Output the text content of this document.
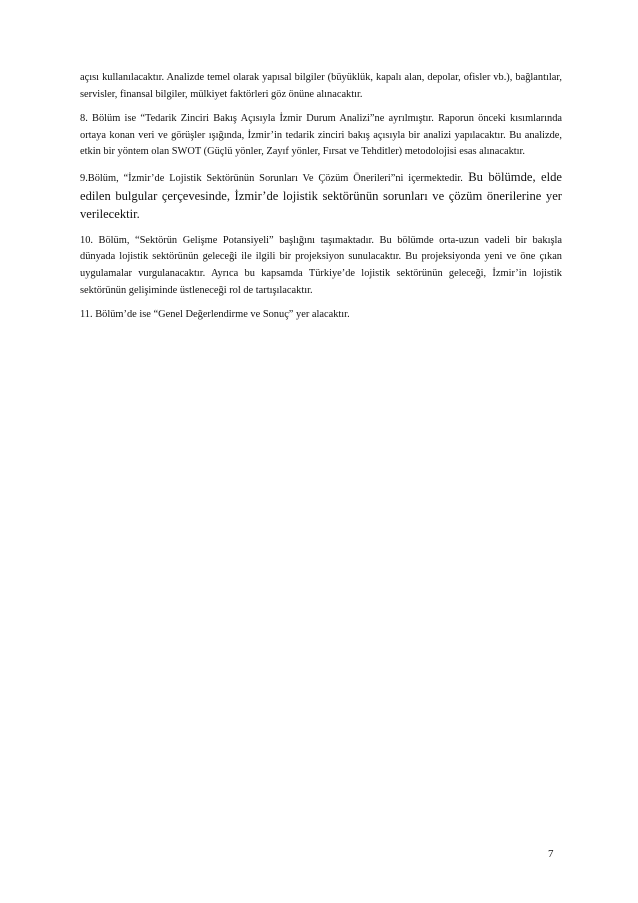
açısı kullanılacaktır. Analizde temel olarak yapısal bilgiler (büyüklük, kapalı alan, depolar, ofisler vb.), bağlantılar, servisler, finansal bilgiler, mülkiyet faktörleri göz önüne alınacaktır.

8. Bölüm ise “Tedarik Zinciri Bakış Açısıyla İzmir Durum Analizi”ne ayrılmıştır. Raporun önceki kısımlarında ortaya konan veri ve görüşler ışığında, İzmir’in tedarik zinciri bakış açısıyla bir analizi yapılacaktır. Bu analizde, etkin bir yöntem olan SWOT (Güçlü yönler, Zayıf yönler, Fırsat ve Tehditler) metodolojisi esas alınacaktır.

9.Bölüm, “İzmir’de Lojistik Sektörünün Sorunları Ve Çözüm Önerileri”ni içermektedir. Bu bölümde, elde edilen bulgular çerçevesinde, İzmir’de lojistik sektörünün sorunları ve çözüm önerilerine yer verilecektir.

10. Bölüm, “Sektörün Gelişme Potansiyeli” başlığını taşımaktadır. Bu bölümde orta-uzun vadeli bir bakışla dünyada lojistik sektörünün geleceği ile ilgili bir projeksiyon sunulacaktır. Bu projeksiyonda yeni ve öne çıkan uygulamalar vurgulanacaktır. Ayrıca bu kapsamda Türkiye’de lojistik sektörünün geleceği, İzmir’in lojistik sektörünün gelişiminde üstleneceği rol de tartışılacaktır.

11. Bölüm’de ise “Genel Değerlendirme ve Sonuç” yer alacaktır.

7
